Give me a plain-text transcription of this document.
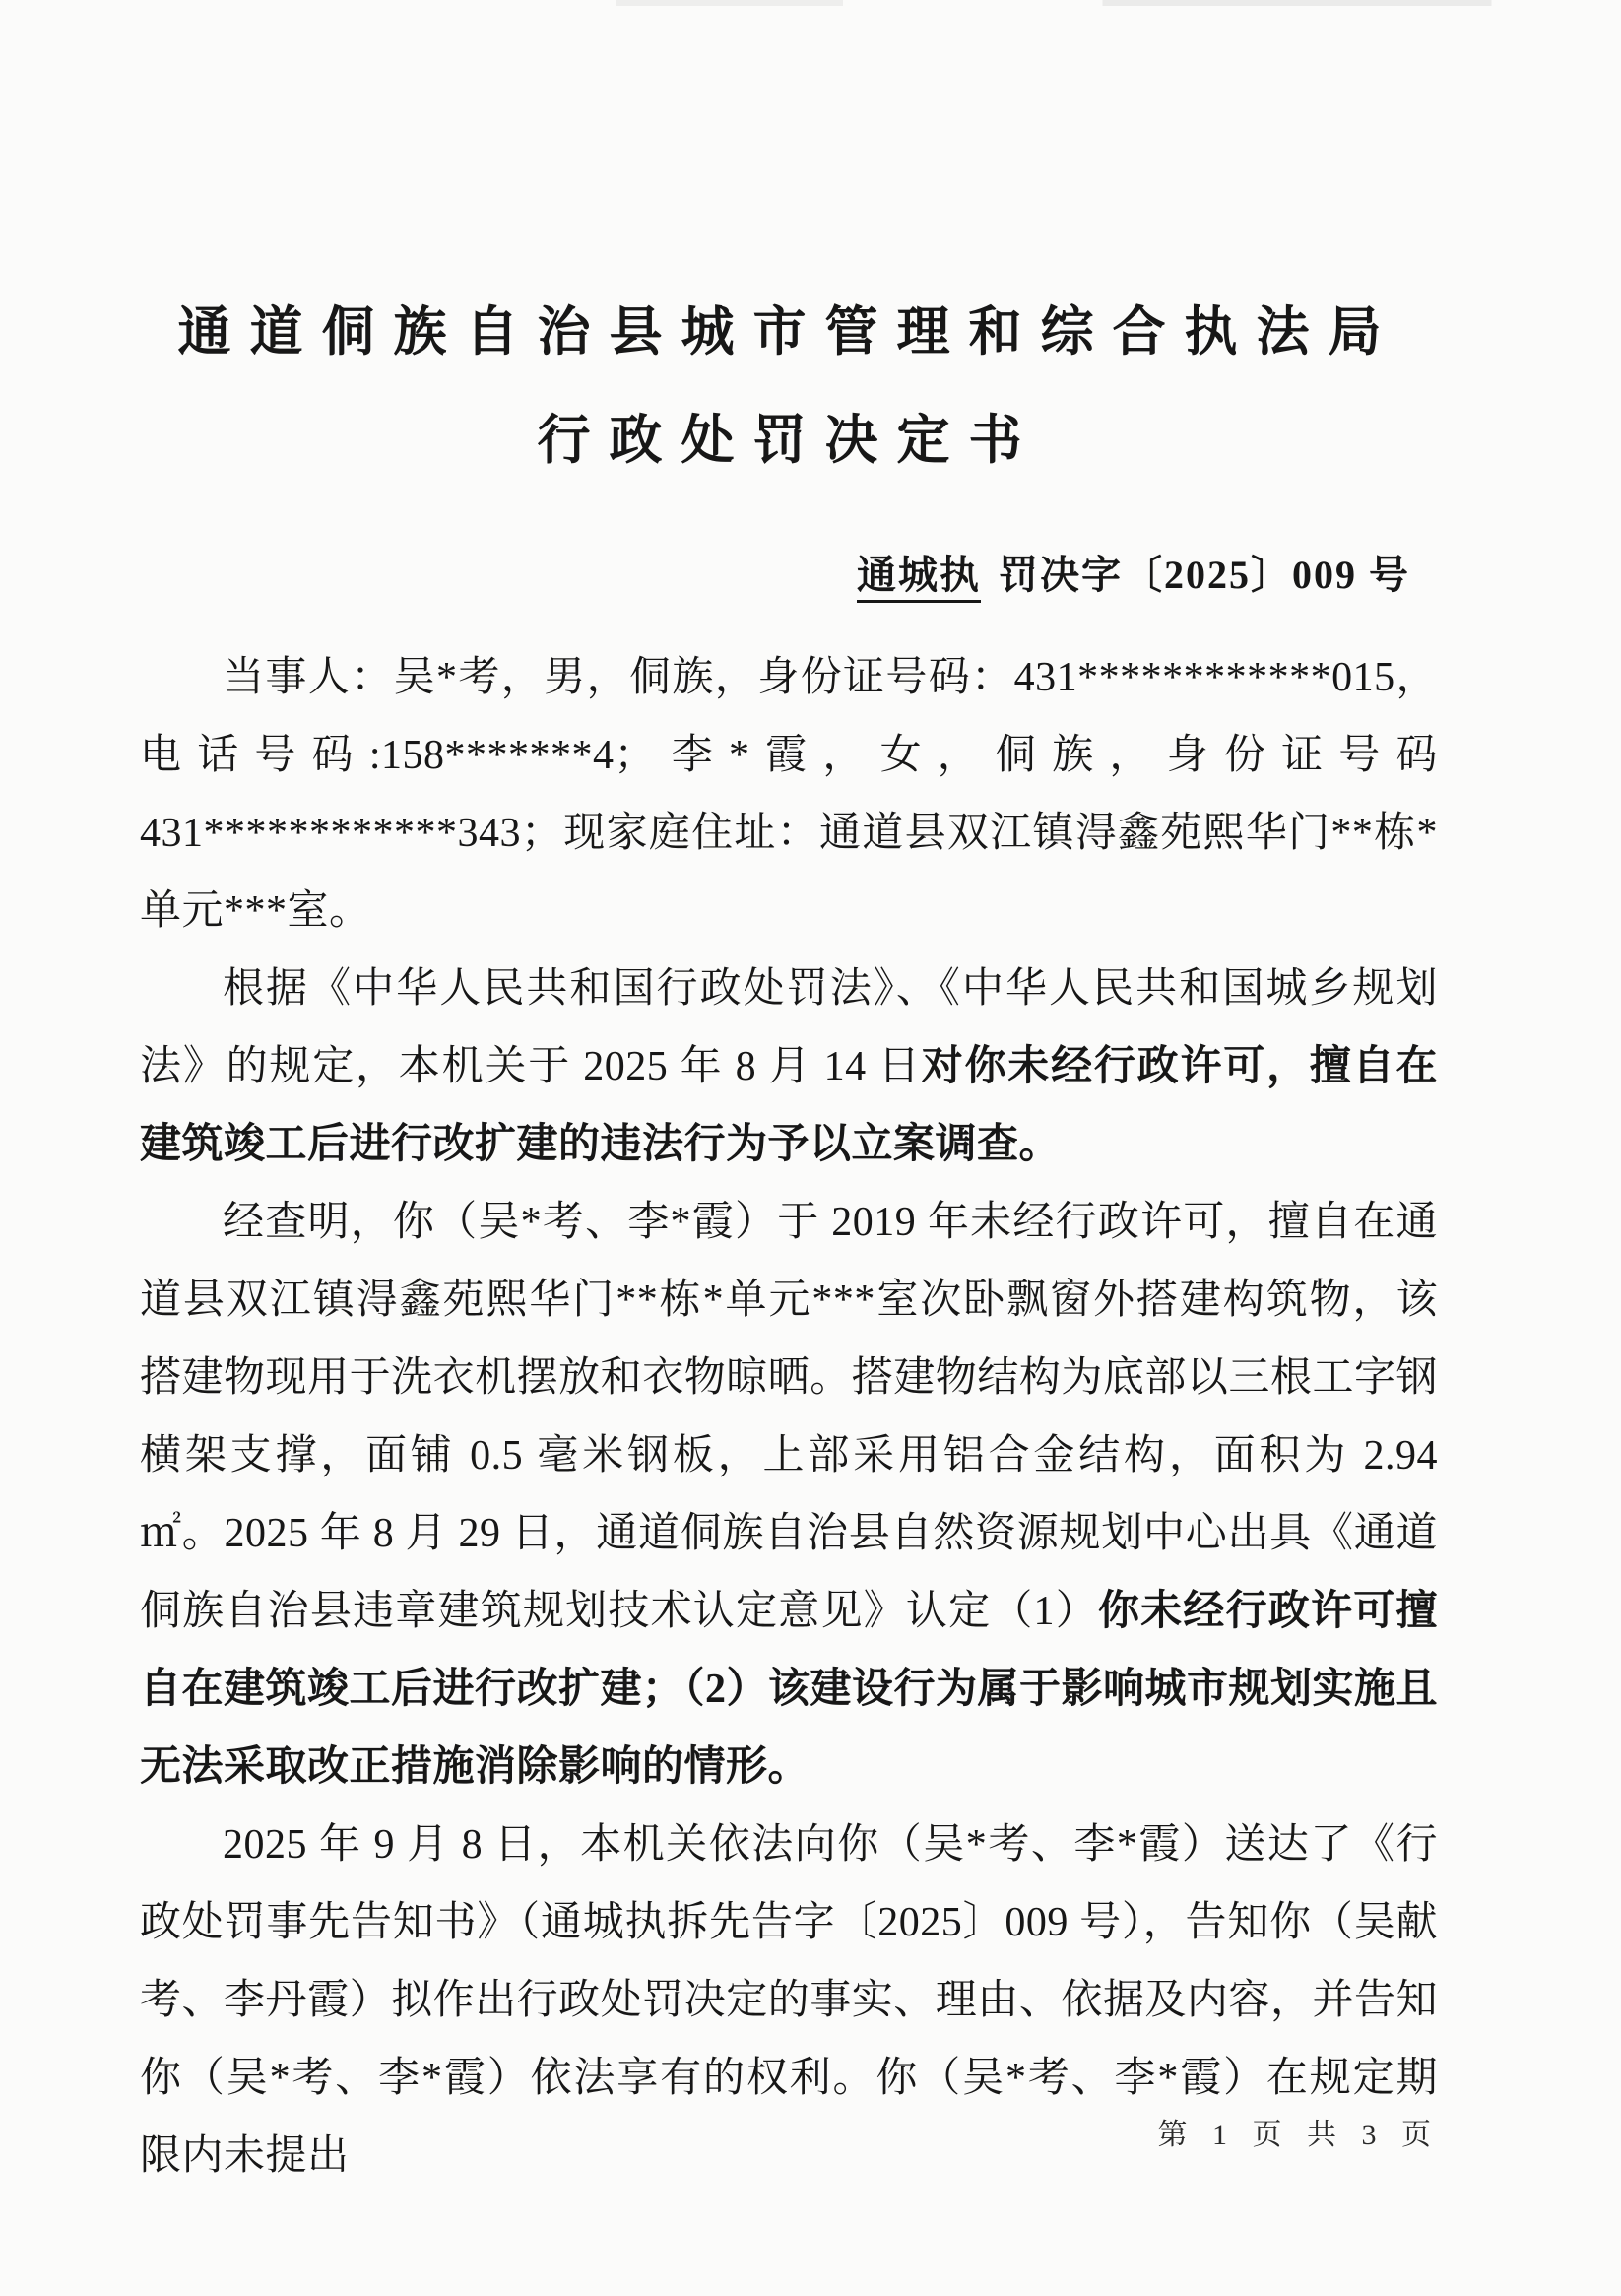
通道侗族自治县城市管理和综合执法局
行政处罚决定书
通城执 罚决字〔2025〕009 号

当事人：吴*考，男，侗族，身份证号码：431************015，电话号码:158*******4；李*霞，女，侗族，身份证号码 431************343；现家庭住址：通道县双江镇淂鑫苑熙华门**栋*单元***室。

根据《中华人民共和国行政处罚法》、《中华人民共和国城乡规划法》的规定，本机关于 2025 年 8 月 14 日对你未经行政许可，擅自在建筑竣工后进行改扩建的违法行为予以立案调查。

经查明，你（吴*考、李*霞）于 2019 年未经行政许可，擅自在通道县双江镇淂鑫苑熙华门**栋*单元***室次卧飘窗外搭建构筑物，该搭建物现用于洗衣机摆放和衣物晾晒。搭建物结构为底部以三根工字钢横架支撑，面铺 0.5 毫米钢板，上部采用铝合金结构，面积为 2.94 ㎡。2025 年 8 月 29 日，通道侗族自治县自然资源规划中心出具《通道侗族自治县违章建筑规划技术认定意见》认定（1）你未经行政许可擅自在建筑竣工后进行改扩建；（2）该建设行为属于影响城市规划实施且无法采取改正措施消除影响的情形。

2025 年 9 月 8 日，本机关依法向你（吴*考、李*霞）送达了《行政处罚事先告知书》（通城执拆先告字〔2025〕009 号），告知你（吴献考、李丹霞）拟作出行政处罚决定的事实、理由、依据及内容，并告知你（吴*考、李*霞）依法享有的权利。你（吴*考、李*霞）在规定期限内未提出	第 1 页 共 3 页
